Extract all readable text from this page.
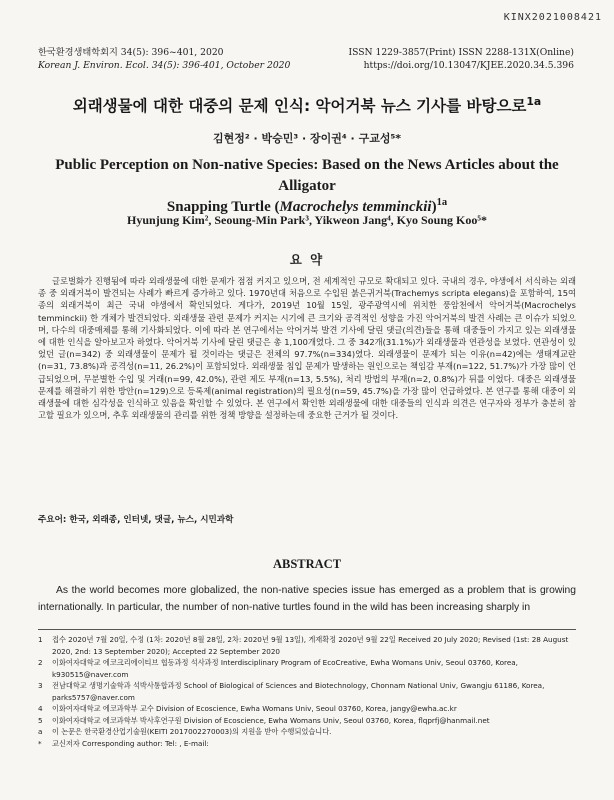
KINX2021008421
한국환경생태학회지 34(5): 396~401, 2020
Korean J. Environ. Ecol. 34(5): 396-401, October 2020
ISSN 1229-3857(Print) ISSN 2288-131X(Online)
https://doi.org/10.13047/KJEE.2020.34.5.396
외래생물에 대한 대중의 문제 인식: 악어거북 뉴스 기사를 바탕으로$^{1a}$
김현정² · 박승민³ · 장이권⁴ · 구교성⁵*
Public Perception on Non-native Species: Based on the News Articles about the Alligator
Snapping Turtle (Macrochelys temminckii)$^{1a}$
Hyunjung Kim², Seoung-Min Park³, Yikweon Jang⁴, Kyo Soung Koo⁵*
요 약
글로벌화가 진행됨에 따라 외래생물에 대한 문제가 점점 커지고 있으며, 전 세계적인 규모로 확대되고 있다. 국내의 경우, 야생에서 서식하는 외래종 중 외래거북이 발견되는 사례가 빠르게 증가하고 있다. 1970년대 처음으로 수입된 붉은귀거북(Trachemys scripta elegans)을 포함하여, 15여 종의 외래거북이 최근 국내 야생에서 확인되었다. 게다가, 2019년 10월 15일, 광주광역시에 위치한 풍암천에서 악어거북(Macrochelys temminckii) 한 개체가 발견되었다. 외래생물 관련 문제가 커지는 시기에 큰 크기와 공격적인 성향을 가진 악어거북의 발견 사례는 큰 이슈가 되었으며, 다수의 대중매체를 통해 기사화되었다. 이에 따라 본 연구에서는 악어거북 발견 기사에 달린 댓글(의견)들을 통해 대중들이 가지고 있는 외래생물에 대한 인식을 알아보고자 하였다. 악어거북 기사에 달린 댓글은 총 1,100개였다. 그 중 342개(31.1%)가 외래생물과 연관성을 보였다. 연관성이 있었던 글(n=342) 중 외래생물이 문제가 될 것이라는 댓글은 전체의 97.7%(n=334)였다. 외래생물이 문제가 되는 이유(n=42)에는 생태계교란(n=31, 73.8%)과 공격성(n=11, 26.2%)이 포함되었다. 외래생물 침입 문제가 발생하는 원인으로는 책임감 부재(n=122, 51.7%)가 가장 많이 언급되었으며, 무분별한 수입 및 거래(n=99, 42.0%), 관련 제도 부재(n=13, 5.5%), 처리 방법의 부재(n=2, 0.8%)가 뒤를 이었다. 대중은 외래생물 문제를 해결하기 위한 방안(n=129)으로 등록제(animal registration)의 필요성(n=59, 45.7%)을 가장 많이 언급하였다. 본 연구를 통해 대중이 외래생물에 대한 심각성을 인식하고 있음을 확인할 수 있었다. 본 연구에서 확인한 외래생물에 대한 대중들의 인식과 의견은 연구자와 정부가 충분히 참고할 필요가 있으며, 추후 외래생물의 관리를 위한 정책 방향을 설정하는데 중요한 근거가 될 것이다.
주요어: 한국, 외래종, 인터넷, 댓글, 뉴스, 시민과학
ABSTRACT
As the world becomes more globalized, the non-native species issue has emerged as a problem that is growing internationally. In particular, the number of non-native turtles found in the wild has been increasing sharply in
1	접수 2020년 7월 20일, 수정 (1차: 2020년 8월 28일, 2차: 2020년 9월 13일), 게재확정 2020년 9월 22일 Received 20 July 2020; Revised (1st: 28 August 2020, 2nd: 13 September 2020); Accepted 22 September 2020
2	이화여자대학교 에코크리에이티브 협동과정 석사과정 Interdisciplinary Program of EcoCreative, Ewha Womans Univ, Seoul 03760, Korea, k930515@naver.com
3	전남대학교 생명기술학과 석박사통합과정 School of Biological of Sciences and Biotechnology, Chonnam National Univ, Gwangju 61186, Korea, parks5757@naver.com
4	이화여자대학교 에코과학부 교수 Division of Ecoscience, Ewha Womans Univ, Seoul 03760, Korea, jangy@ewha.ac.kr
5	이화여자대학교 에코과학부 박사후연구원 Division of Ecoscience, Ewha Womans Univ, Seoul 03760, Korea, flqprfj@hanmail.net
a	이 논문은 한국환경산업기술원(KEITI 2017002270003)의 지원을 받아 수행되었습니다.
*	교신저자 Corresponding author: Tel: , E-mail:
